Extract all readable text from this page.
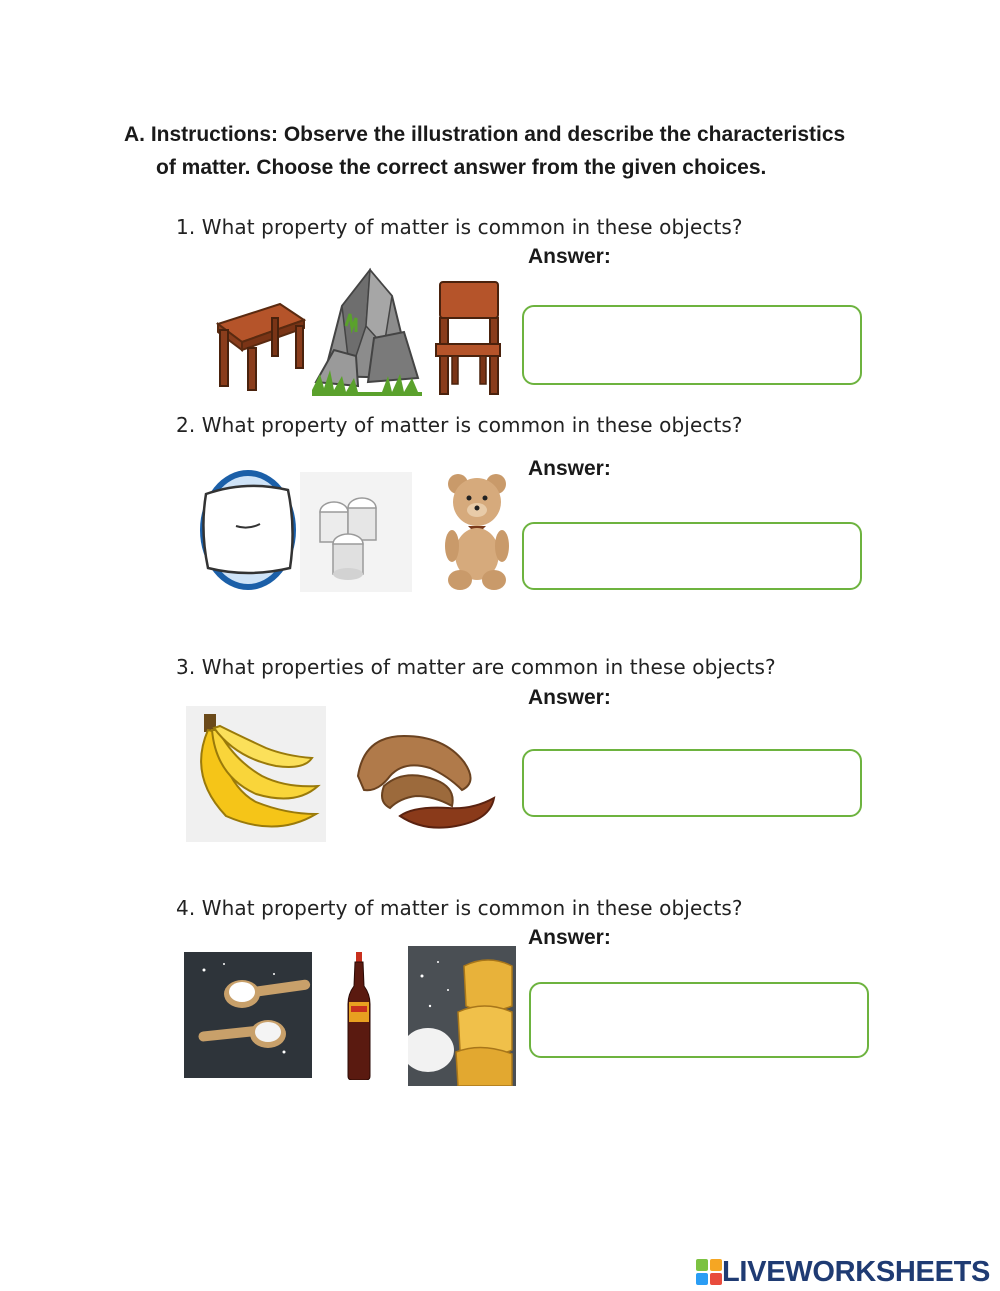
A. Instructions: Observe the illustration and describe the characteristics
of matter. Choose the correct answer from the given choices.
1. What property of matter is common in these objects?
Answer:
2. What property of matter is common in these objects?
Answer:
3. What properties of matter are common in these objects?
Answer:
4. What property of matter is common in these objects?
Answer:
LIVEWORKSHEETS
